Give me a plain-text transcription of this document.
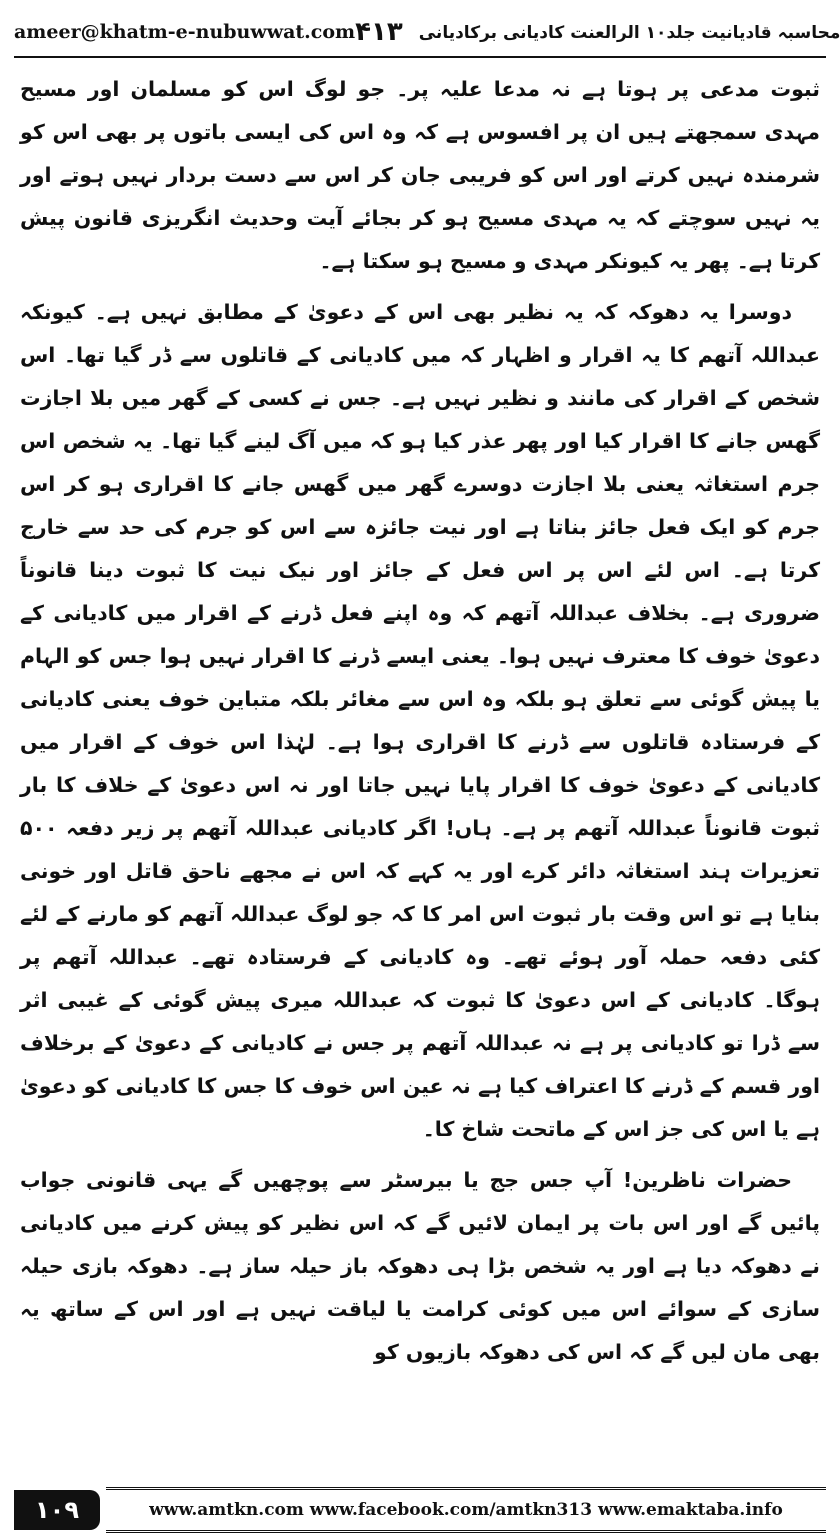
ameer@khatm-e-nubuwwat.com	محاسبہ قادیانیت جلد۱۰ الرالعنت کادیانی برکادیانی
۴۱۳

ثبوت مدعی پر ہوتا ہے نہ مدعا علیہ پر۔ جو لوگ اس کو مسلمان اور مسیح مہدی سمجھتے ہیں ان پر افسوس ہے کہ وہ اس کی ایسی باتوں پر بھی اس کو شرمندہ نہیں کرتے اور اس کو فریبی جان کر اس سے دست بردار نہیں ہوتے اور یہ نہیں سوچتے کہ یہ مہدی مسیح ہو کر بجائے آیت وحدیث انگریزی قانون پیش کرتا ہے۔ پھر یہ کیونکر مہدی و مسیح ہو سکتا ہے۔

دوسرا یہ دھوکہ کہ یہ نظیر بھی اس کے دعویٰ کے مطابق نہیں ہے۔ کیونکہ عبداللہ آتھم کا یہ اقرار و اظہار کہ میں کادیانی کے قاتلوں سے ڈر گیا تھا۔ اس شخص کے اقرار کی مانند و نظیر نہیں ہے۔ جس نے کسی کے گھر میں بلا اجازت گھس جانے کا اقرار کیا اور پھر عذر کیا ہو کہ میں آگ لینے گیا تھا۔ یہ شخص اس جرم استغاثہ یعنی بلا اجازت دوسرے گھر میں گھس جانے کا اقراری ہو کر اس جرم کو ایک فعل جائز بناتا ہے اور نیت جائزہ سے اس کو جرم کی حد سے خارج کرتا ہے۔ اس لئے اس پر اس فعل کے جائز اور نیک نیت کا ثبوت دینا قانوناً ضروری ہے۔ بخلاف عبداللہ آتھم کہ وہ اپنے فعل ڈرنے کے اقرار میں کادیانی کے دعویٰ خوف کا معترف نہیں ہوا۔ یعنی ایسے ڈرنے کا اقرار نہیں ہوا جس کو الہام یا پیش گوئی سے تعلق ہو بلکہ وہ اس سے مغائر بلکہ متباین خوف یعنی کادیانی کے فرستادہ قاتلوں سے ڈرنے کا اقراری ہوا ہے۔ لہٰذا اس خوف کے اقرار میں کادیانی کے دعویٰ خوف کا اقرار پایا نہیں جاتا اور نہ اس دعویٰ کے خلاف کا بار ثبوت قانوناً عبداللہ آتھم پر ہے۔ ہاں! اگر کادیانی عبداللہ آتھم پر زیر دفعہ ۵۰۰ تعزیرات ہند استغاثہ دائر کرے اور یہ کہے کہ اس نے مجھے ناحق قاتل اور خونی بنایا ہے تو اس وقت بار ثبوت اس امر کا کہ جو لوگ عبداللہ آتھم کو مارنے کے لئے کئی دفعہ حملہ آور ہوئے تھے۔ وہ کادیانی کے فرستادہ تھے۔ عبداللہ آتھم پر ہوگا۔ کادیانی کے اس دعویٰ کا ثبوت کہ عبداللہ میری پیش گوئی کے غیبی اثر سے ڈرا تو کادیانی پر ہے نہ عبداللہ آتھم پر جس نے کادیانی کے دعویٰ کے برخلاف اور قسم کے ڈرنے کا اعتراف کیا ہے نہ عین اس خوف کا جس کا کادیانی کو دعویٰ ہے یا اس کی جز اس کے ماتحت شاخ کا۔

حضرات ناظرین! آپ جس جج یا بیرسٹر سے پوچھیں گے یہی قانونی جواب پائیں گے اور اس بات پر ایمان لائیں گے کہ اس نظیر کو پیش کرنے میں کادیانی نے دھوکہ دیا ہے اور یہ شخص بڑا ہی دھوکہ باز حیلہ ساز ہے۔ دھوکہ بازی حیلہ سازی کے سوائے اس میں کوئی کرامت یا لیاقت نہیں ہے اور اس کے ساتھ یہ بھی مان لیں گے کہ اس کی دھوکہ بازیوں کو

۱۰۹	www.amtkn.com www.facebook.com/amtkn313 www.emaktaba.info
